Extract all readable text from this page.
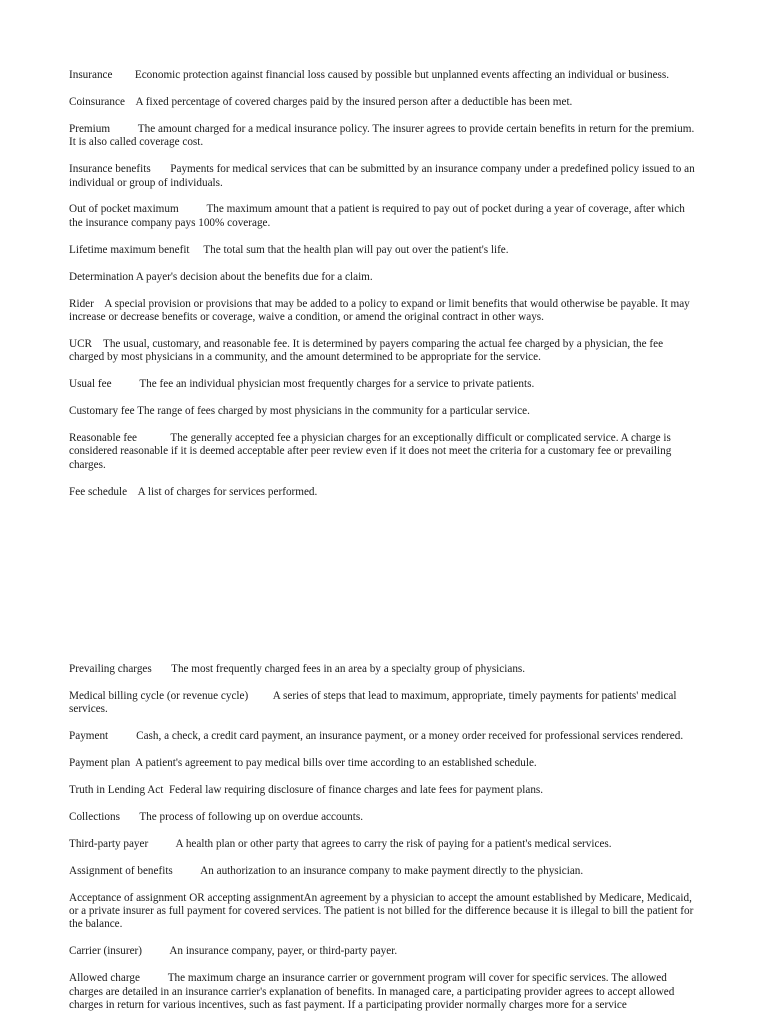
Insurance        Economic protection against financial loss caused by possible but unplanned events affecting an individual or business.

Coinsurance    A fixed percentage of covered charges paid by the insured person after a deductible has been met.

Premium          The amount charged for a medical insurance policy. The insurer agrees to provide certain benefits in return for the premium. It is also called coverage cost.

Insurance benefits       Payments for medical services that can be submitted by an insurance company under a predefined policy issued to an individual or group of individuals.

Out of pocket maximum          The maximum amount that a patient is required to pay out of pocket during a year of coverage, after which the insurance company pays 100% coverage.

Lifetime maximum benefit     The total sum that the health plan will pay out over the patient's life.

Determination A payer's decision about the benefits due for a claim.

Rider    A special provision or provisions that may be added to a policy to expand or limit benefits that would otherwise be payable. It may increase or decrease benefits or coverage, waive a condition, or amend the original contract in other ways.

UCR    The usual, customary, and reasonable fee. It is determined by payers comparing the actual fee charged by a physician, the fee charged by most physicians in a community, and the amount determined to be appropriate for the service.

Usual fee          The fee an individual physician most frequently charges for a service to private patients.

Customary fee The range of fees charged by most physicians in the community for a particular service.

Reasonable fee            The generally accepted fee a physician charges for an exceptionally difficult or complicated service. A charge is considered reasonable if it is deemed acceptable after peer review even if it does not meet the criteria for a customary fee or prevailing charges.

Fee schedule    A list of charges for services performed.

Prevailing charges       The most frequently charged fees in an area by a specialty group of physicians.

Medical billing cycle (or revenue cycle)         A series of steps that lead to maximum, appropriate, timely payments for patients' medical services.

Payment          Cash, a check, a credit card payment, an insurance payment, or a money order received for professional services rendered.

Payment plan  A patient's agreement to pay medical bills over time according to an established schedule.

Truth in Lending Act  Federal law requiring disclosure of finance charges and late fees for payment plans.

Collections       The process of following up on overdue accounts.

Third-party payer          A health plan or other party that agrees to carry the risk of paying for a patient's medical services.

Assignment of benefits          An authorization to an insurance company to make payment directly to the physician.

Acceptance of assignment OR accepting assignmentAn agreement by a physician to accept the amount established by Medicare, Medicaid, or a private insurer as full payment for covered services. The patient is not billed for the difference because it is illegal to bill the patient for the balance.

Carrier (insurer)          An insurance company, payer, or third-party payer.

Allowed charge          The maximum charge an insurance carrier or government program will cover for specific services. The allowed charges are detailed in an insurance carrier's explanation of benefits. In managed care, a participating provider agrees to accept allowed charges in return for various incentives, such as fast payment. If a participating provider normally charges more for a service
